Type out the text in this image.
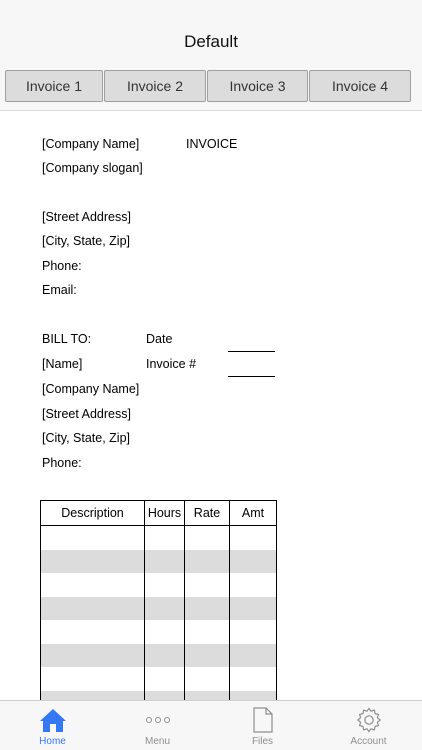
Default
Invoice 1	Invoice 2	Invoice 3	Invoice 4
[Company Name]	INVOICE
[Company slogan]
[Street Address]
[City, State, Zip]
Phone:
Email:
BILL TO:	Date
[Name]	Invoice #
[Company Name]
[Street Address]
[City, State, Zip]
Phone:
Description	Hours	Rate	Amt

Home	Menu	Files	Account
